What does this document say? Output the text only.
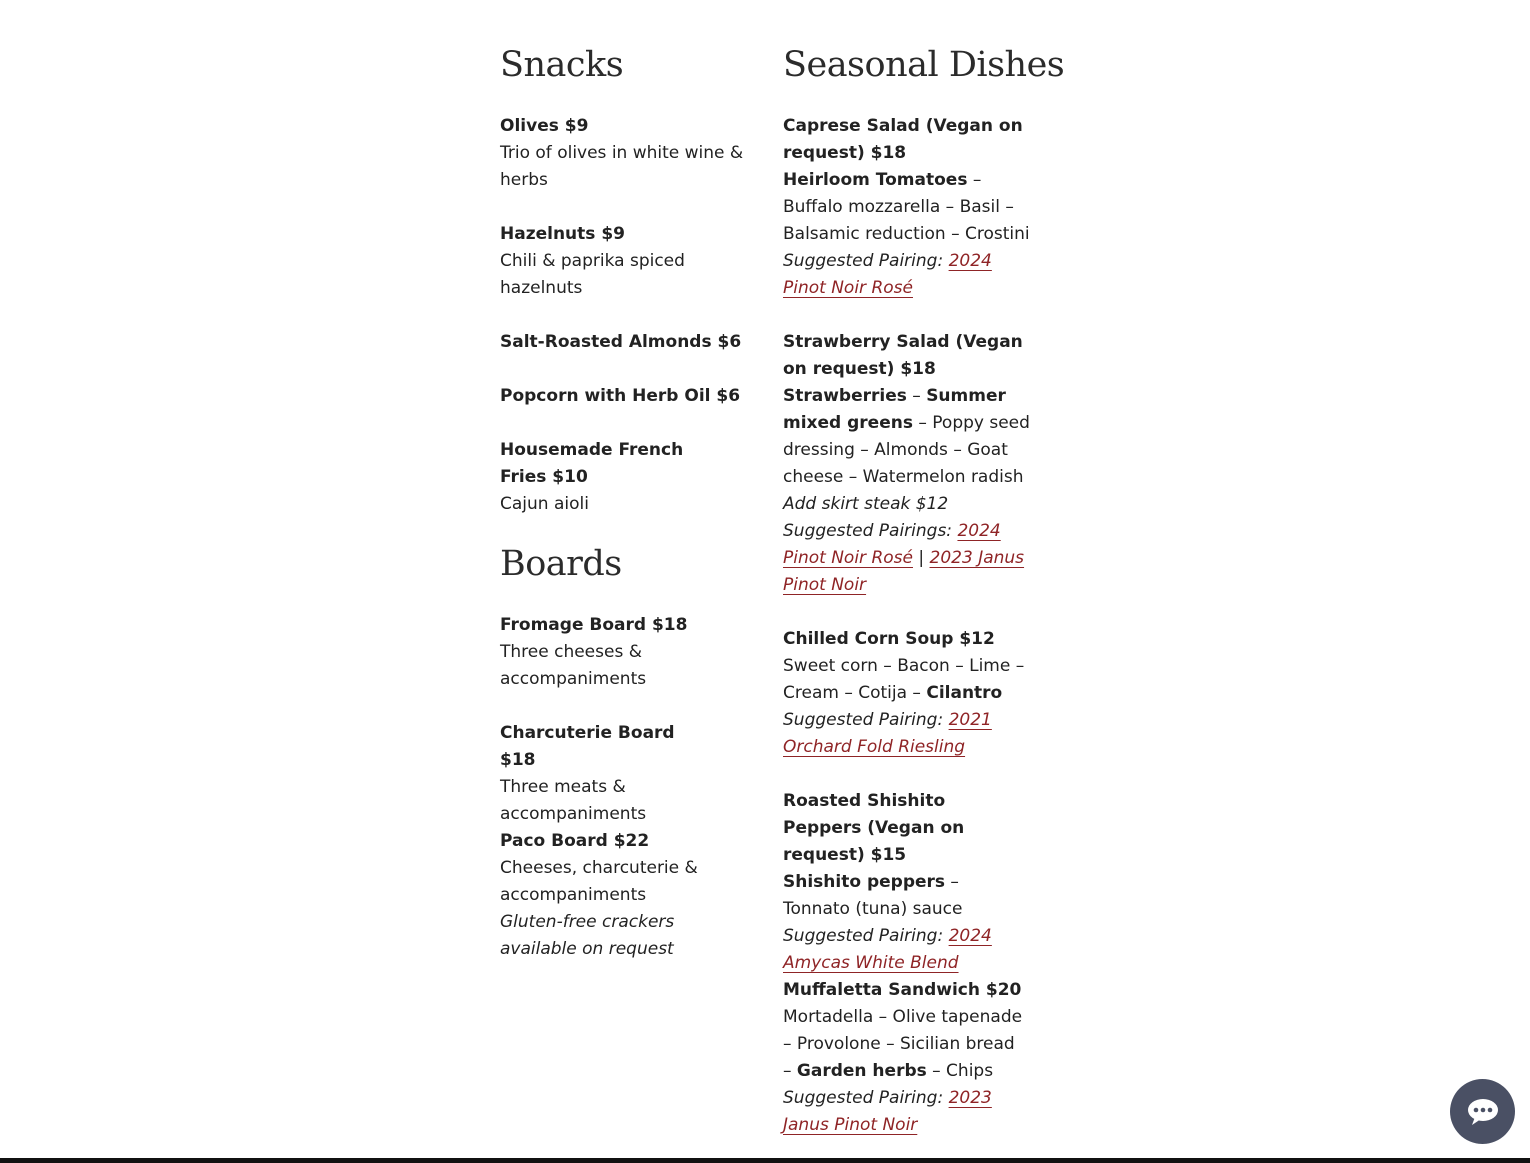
Snacks
Olives $9
Trio of olives in white wine & herbs
Hazelnuts $9
Chili & paprika spiced hazelnuts
Salt-Roasted Almonds $6
Popcorn with Herb Oil $6
Housemade French Fries $10
Cajun aioli
Boards
Fromage Board $18
Three cheeses & accompaniments
Charcuterie Board $18
Three meats & accompaniments
Paco Board $22
Cheeses, charcuterie & accompaniments
Gluten-free crackers available on request
Seasonal Dishes
Caprese Salad (Vegan on request) $18
Heirloom Tomatoes – Buffalo mozzarella – Basil – Balsamic reduction – Crostini
Suggested Pairing: 2024 Pinot Noir Rosé
Strawberry Salad (Vegan on request) $18
Strawberries – Summer mixed greens – Poppy seed dressing – Almonds – Goat cheese – Watermelon radish
Add skirt steak $12
Suggested Pairings: 2024 Pinot Noir Rosé | 2023 Janus Pinot Noir
Chilled Corn Soup $12
Sweet corn – Bacon – Lime – Cream – Cotija – Cilantro
Suggested Pairing: 2021 Orchard Fold Riesling
Roasted Shishito Peppers (Vegan on request) $15
Shishito peppers – Tonnato (tuna) sauce
Suggested Pairing: 2024 Amycas White Blend
Muffaletta Sandwich $20
Mortadella – Olive tapenade – Provolone – Sicilian bread – Garden herbs – Chips
Suggested Pairing: 2023 Janus Pinot Noir
